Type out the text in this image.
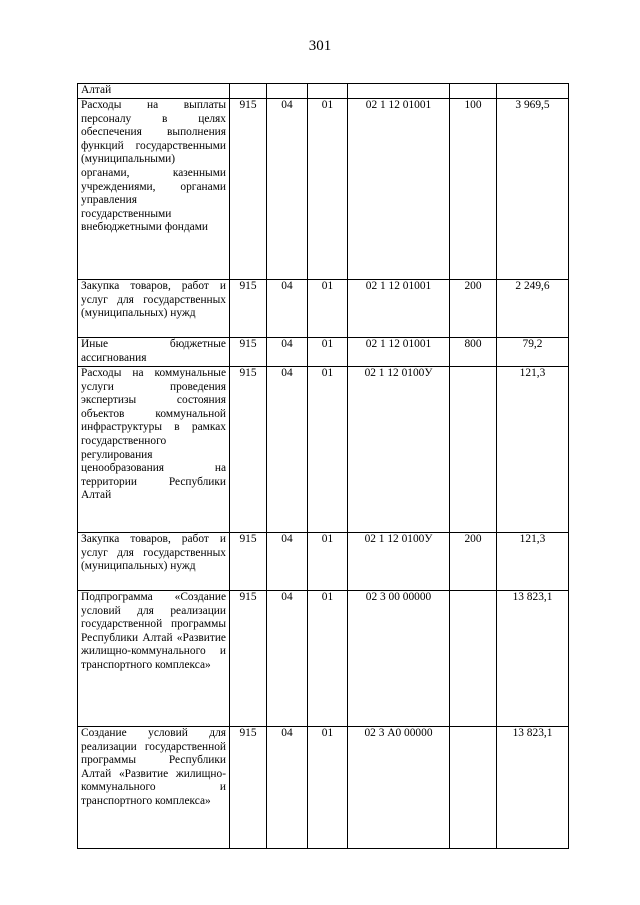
301
Алтай						
Расходы на выплаты персоналу в целях обеспечения выполнения функций государственными (муниципальными) органами, казенными учреждениями, органами управления государственными внебюджетными фондами	915	04	01	02 1 12 01001	100	3 969,5
Закупка товаров, работ и услуг для государственных (муниципальных) нужд	915	04	01	02 1 12 01001	200	2 249,6
Иные бюджетные ассигнования	915	04	01	02 1 12 01001	800	79,2
Расходы на коммунальные услуги проведения экспертизы состояния объектов коммунальной инфраструктуры в рамках государственного регулирования ценообразования на территории Республики Алтай	915	04	01	02 1 12 0100У		121,3
Закупка товаров, работ и услуг для государственных (муниципальных) нужд	915	04	01	02 1 12 0100У	200	121,3
Подпрограмма «Создание условий для реализации государственной программы Республики Алтай «Развитие жилищно-коммунального и транспортного комплекса»	915	04	01	02 3 00 00000		13 823,1
Создание условий для реализации государственной программы Республики Алтай «Развитие жилищно-коммунального и транспортного комплекса»	915	04	01	02 3 А0 00000		13 823,1
